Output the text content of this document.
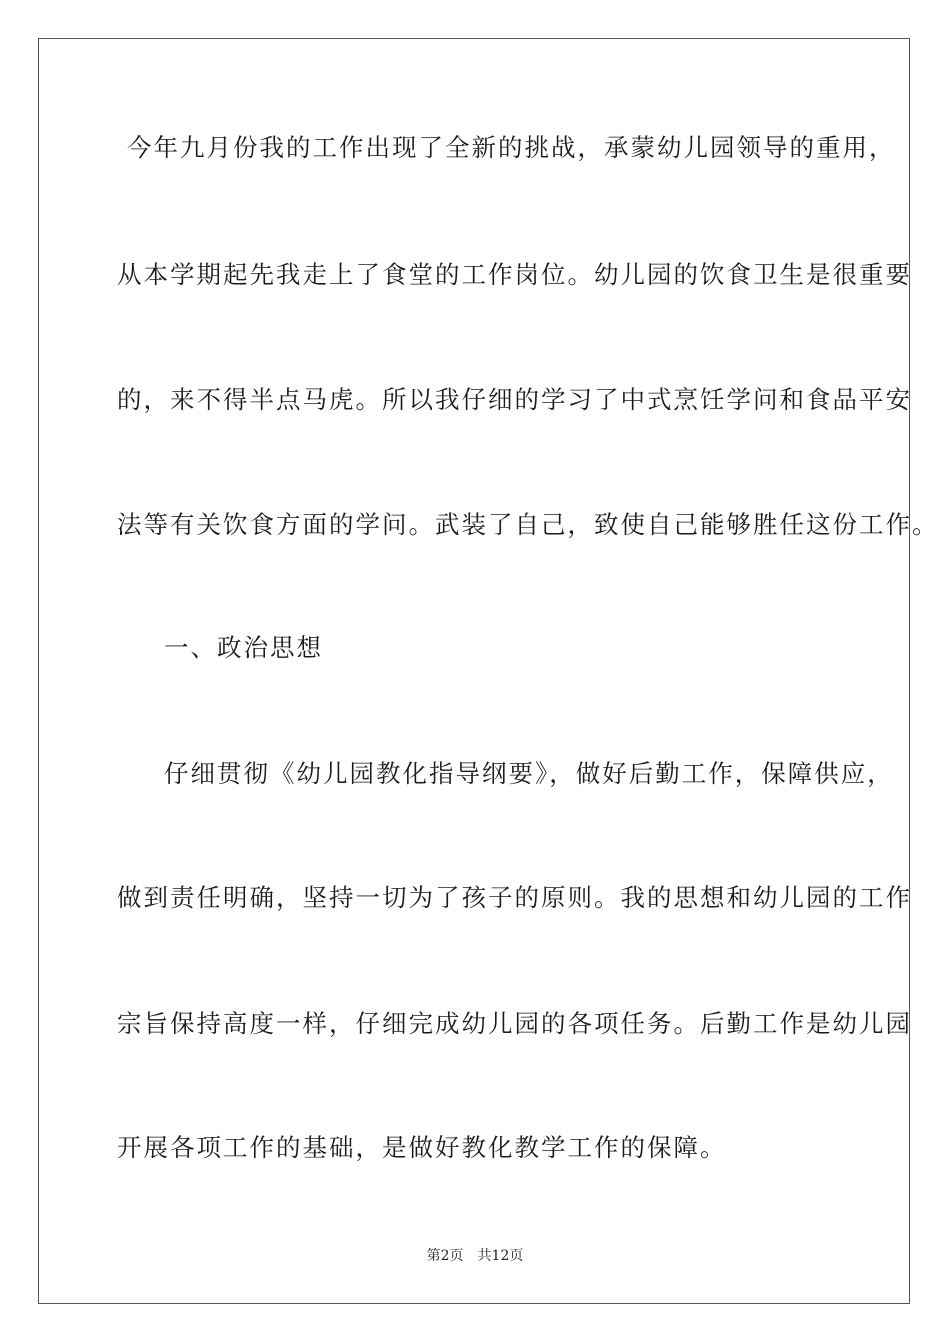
今年九月份我的工作出现了全新的挑战，承蒙幼儿园领导的重用，
从本学期起先我走上了食堂的工作岗位。幼儿园的饮食卫生是很重要
的，来不得半点马虎。所以我仔细的学习了中式烹饪学问和食品平安
法等有关饮食方面的学问。武装了自己，致使自己能够胜任这份工作。
一、政治思想
仔细贯彻《幼儿园教化指导纲要》，做好后勤工作，保障供应，
做到责任明确，坚持一切为了孩子的原则。我的思想和幼儿园的工作
宗旨保持高度一样，仔细完成幼儿园的各项任务。后勤工作是幼儿园
开展各项工作的基础，是做好教化教学工作的保障。
第2页　共12页
